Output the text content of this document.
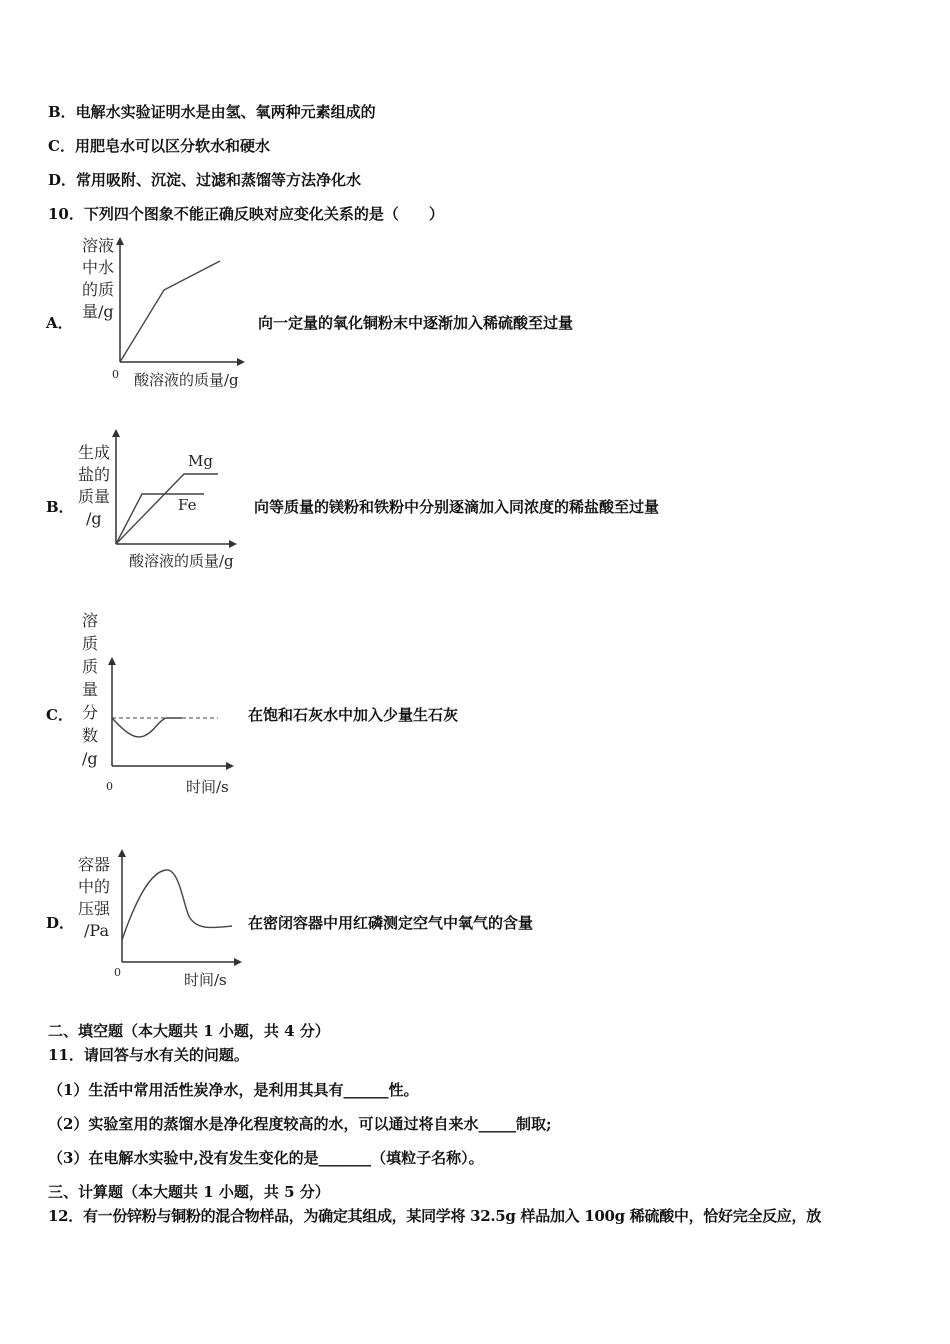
B．电解水实验证明水是由氢、氧两种元素组成的
C．用肥皂水可以区分软水和硬水
D．常用吸附、沉淀、过滤和蒸馏等方法净化水
10．下列四个图象不能正确反映对应变化关系的是（　　）
A．
溶液
中水
的质
量/g
0 酸溶液的质量/g
向一定量的氧化铜粉末中逐渐加入稀硫酸至过量
B．
生成
盐的
质量
/g
Mg
Fe
酸溶液的质量/g
向等质量的镁粉和铁粉中分别逐滴加入同浓度的稀盐酸至过量
C．
溶
质
质
量
分
数
/g
0	时间/s
在饱和石灰水中加入少量生石灰
D．
容器
中的
压强
/Pa
0	时间/s
在密闭容器中用红磷测定空气中氧气的含量
二、填空题（本大题共 1 小题，共 4 分）
11．请回答与水有关的问题。
（1）生活中常用活性炭净水，是利用其具有______性。
（2）实验室用的蒸馏水是净化程度较高的水，可以通过将自来水_____制取;
（3）在电解水实验中,没有发生变化的是_______（填粒子名称）。
三、计算题（本大题共 1 小题，共 5 分）
12．有一份锌粉与铜粉的混合物样品，为确定其组成，某同学将 32.5g 样品加入 100g 稀硫酸中，恰好完全反应，放
